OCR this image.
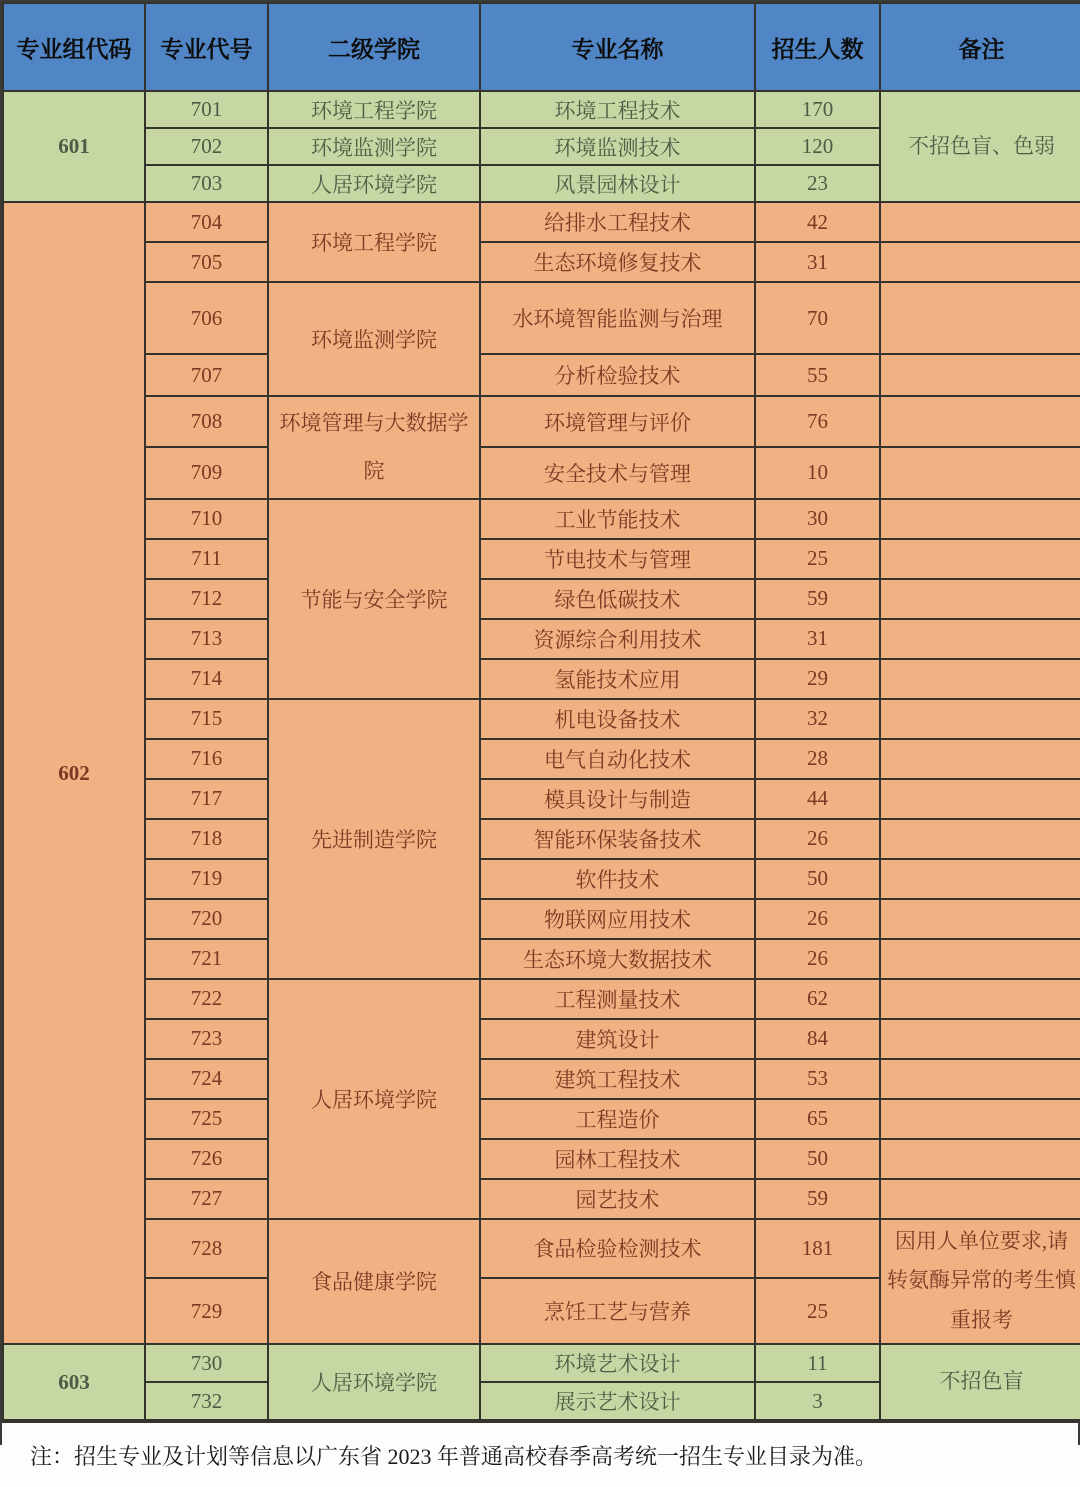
专业组代码	专业代号	二级学院	专业名称	招生人数	备注
601	701	环境工程学院	环境工程技术	170	不招色盲、色弱
	702	环境监测学院	环境监测技术	120	
	703	人居环境学院	风景园林设计	23	
602	704	环境工程学院	给排水工程技术	42	
	705		生态环境修复技术	31	
	706	环境监测学院	水环境智能监测与治理	70	
	707		分析检验技术	55	
	708	环境管理与大数据学院	环境管理与评价	76	
	709		安全技术与管理	10	
	710	节能与安全学院	工业节能技术	30	
	711		节电技术与管理	25	
	712		绿色低碳技术	59	
	713		资源综合利用技术	31	
	714		氢能技术应用	29	
	715	先进制造学院	机电设备技术	32	
	716		电气自动化技术	28	
	717		模具设计与制造	44	
	718		智能环保装备技术	26	
	719		软件技术	50	
	720		物联网应用技术	26	
	721		生态环境大数据技术	26	
	722	人居环境学院	工程测量技术	62	
	723		建筑设计	84	
	724		建筑工程技术	53	
	725		工程造价	65	
	726		园林工程技术	50	
	727		园艺技术	59	
	728	食品健康学院	食品检验检测技术	181	因用人单位要求,请转氨酶异常的考生慎重报考
	729		烹饪工艺与营养	25	
603	730	人居环境学院	环境艺术设计	11	不招色盲
	732		展示艺术设计	3	
注：招生专业及计划等信息以广东省 2023 年普通高校春季高考统一招生专业目录为准。
